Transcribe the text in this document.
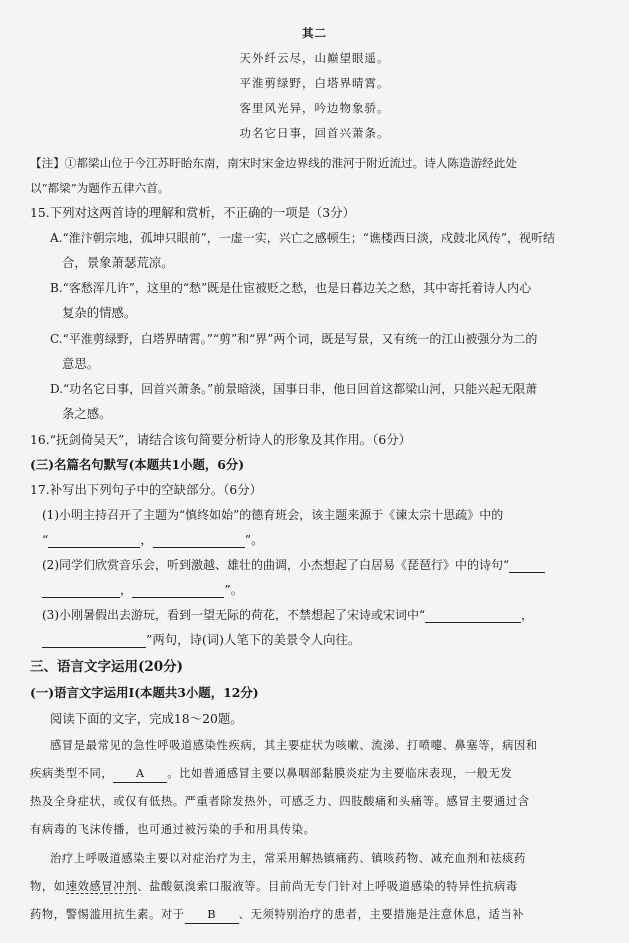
其二
天外纤云尽，山巅望眼遥。
平淮剪绿野，白塔界晴霄。
客里风光异，吟边物象骄。
功名它日事，回首兴萧条。
【注】①都梁山位于今江苏盱眙东南，南宋时宋金边界线的淮河于附近流过。诗人陈造游经此处
以“都梁”为题作五律六首。
15.下列对这两首诗的理解和赏析，不正确的一项是（3分）
A.“淮汴朝宗地，孤坤只眼前”，一虚一实，兴亡之感顿生；“谯楼西日淡，戍鼓北风传”，视听结
合，景象萧瑟荒凉。
B.“客愁浑几许”，这里的“愁”既是仕宦被贬之愁，也是日暮边关之愁，其中寄托着诗人内心
复杂的情感。
C.“平淮剪绿野，白塔界晴霄。”“剪”和“界”两个词，既是写景，又有统一的江山被强分为二的
意思。
D.“功名它日事，回首兴萧条。”前景暗淡，国事日非，他日回首这都梁山河，只能兴起无限萧
条之感。
16.“抚剑倚吴天”，请结合该句简要分析诗人的形象及其作用。（6分）
(三)名篇名句默写(本题共1小题，6分)
17.补写出下列句子中的空缺部分。（6分）
(1)小明主持召开了主题为“慎终如始”的德育班会，该主题来源于《谏太宗十思疏》中的
“	，	”。
(2)同学们欣赏音乐会，听到激越、雄壮的曲调，小杰想起了白居易《琵琶行》中的诗句“
，	”。
(3)小刚暑假出去游玩，看到一望无际的荷花，不禁想起了宋诗或宋词中“	，
”两句，诗(词)人笔下的美景令人向往。
三、语言文字运用(20分)
(一)语言文字运用Ⅰ(本题共3小题，12分)
阅读下面的文字，完成18～20题。
感冒是最常见的急性呼吸道感染性疾病，其主要症状为咳嗽、流涕、打喷嚏、鼻塞等，病因和
疾病类型不同， A 。比如普通感冒主要以鼻咽部黏膜炎症为主要临床表现，一般无发
热及全身症状，或仅有低热。严重者除发热外，可感乏力、四肢酸痛和头痛等。感冒主要通过含
有病毒的飞沫传播，也可通过被污染的手和用具传染。
治疗上呼吸道感染主要以对症治疗为主，常采用解热镇痛药、镇咳药物、减充血剂和祛痰药
物，如速效感冒冲剂、盐酸氨溴索口服液等。目前尚无专门针对上呼吸道感染的特异性抗病毒
药物，警惕滥用抗生素。对于 B 、无须特别治疗的患者，主要措施是注意休息，适当补
